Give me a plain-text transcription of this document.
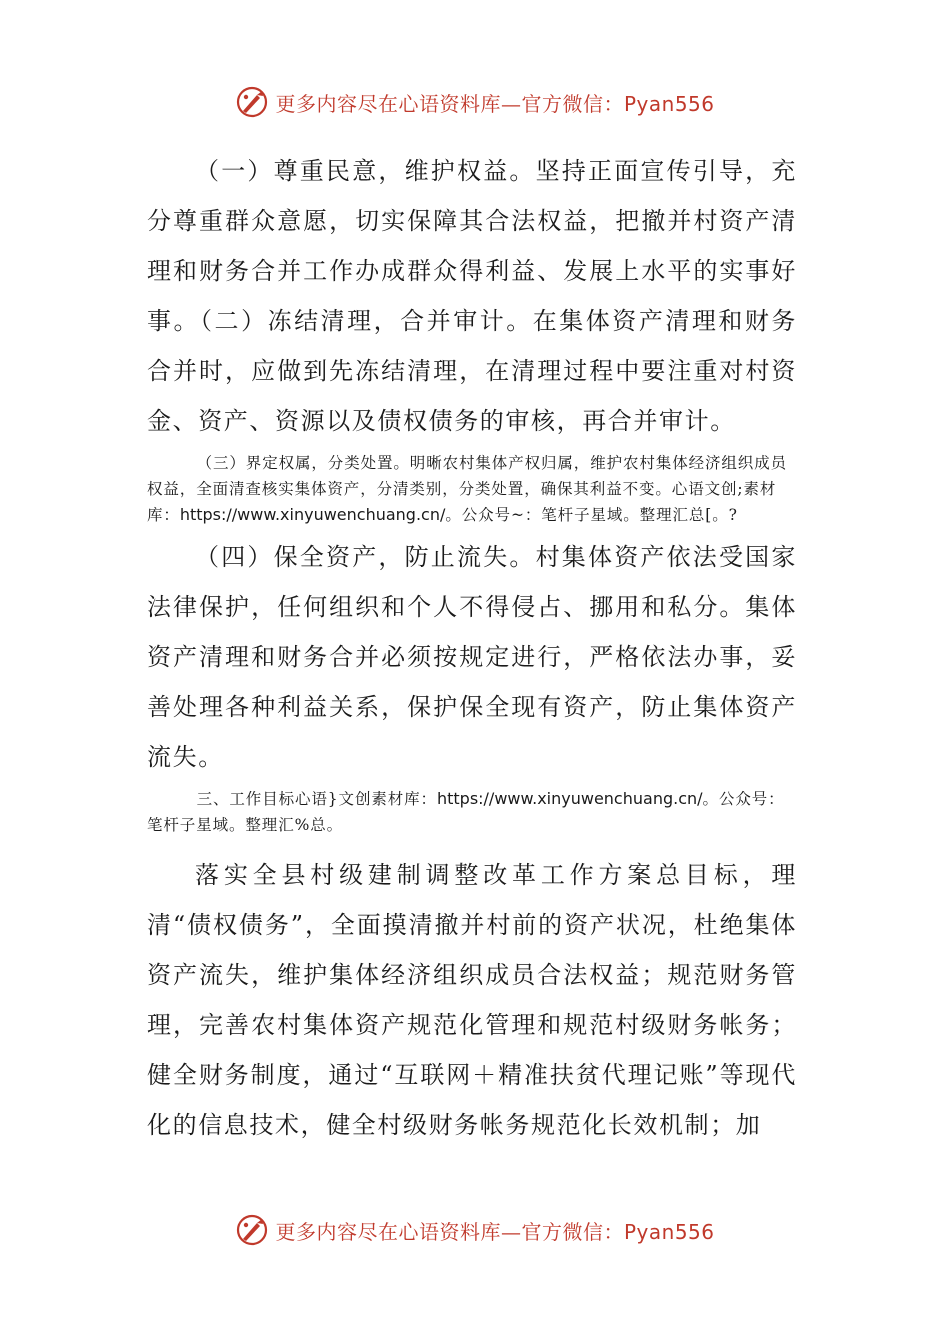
更多内容尽在心语资料库—官方微信：Pyan556

（一）尊重民意，维护权益。坚持正面宣传引导，充分尊重群众意愿，切实保障其合法权益，把撤并村资产清理和财务合并工作办成群众得利益、发展上水平的实事好事。（二）冻结清理，合并审计。在集体资产清理和财务合并时，应做到先冻结清理，在清理过程中要注重对村资金、资产、资源以及债权债务的审核，再合并审计。

（三）界定权属，分类处置。明晰农村集体产权归属，维护农村集体经济组织成员权益，全面清查核实集体资产，分清类别，分类处置，确保其利益不变。心语文创;素材库：https://www.xinyuwenchuang.cn/。公众号~：笔杆子星域。整理汇总[。?

（四）保全资产，防止流失。村集体资产依法受国家法律保护，任何组织和个人不得侵占、挪用和私分。集体资产清理和财务合并必须按规定进行，严格依法办事，妥善处理各种利益关系，保护保全现有资产，防止集体资产流失。

三、工作目标心语}文创素材库：https://www.xinyuwenchuang.cn/。公众号：笔杆子星域。整理汇%总。

落实全县村级建制调整改革工作方案总目标，理清“债权债务”，全面摸清撤并村前的资产状况，杜绝集体资产流失，维护集体经济组织成员合法权益；规范财务管理，完善农村集体资产规范化管理和规范村级财务帐务；健全财务制度，通过“互联网＋精准扶贫代理记账”等现代化的信息技术，健全村级财务帐务规范化长效机制；加

更多内容尽在心语资料库—官方微信：Pyan556
